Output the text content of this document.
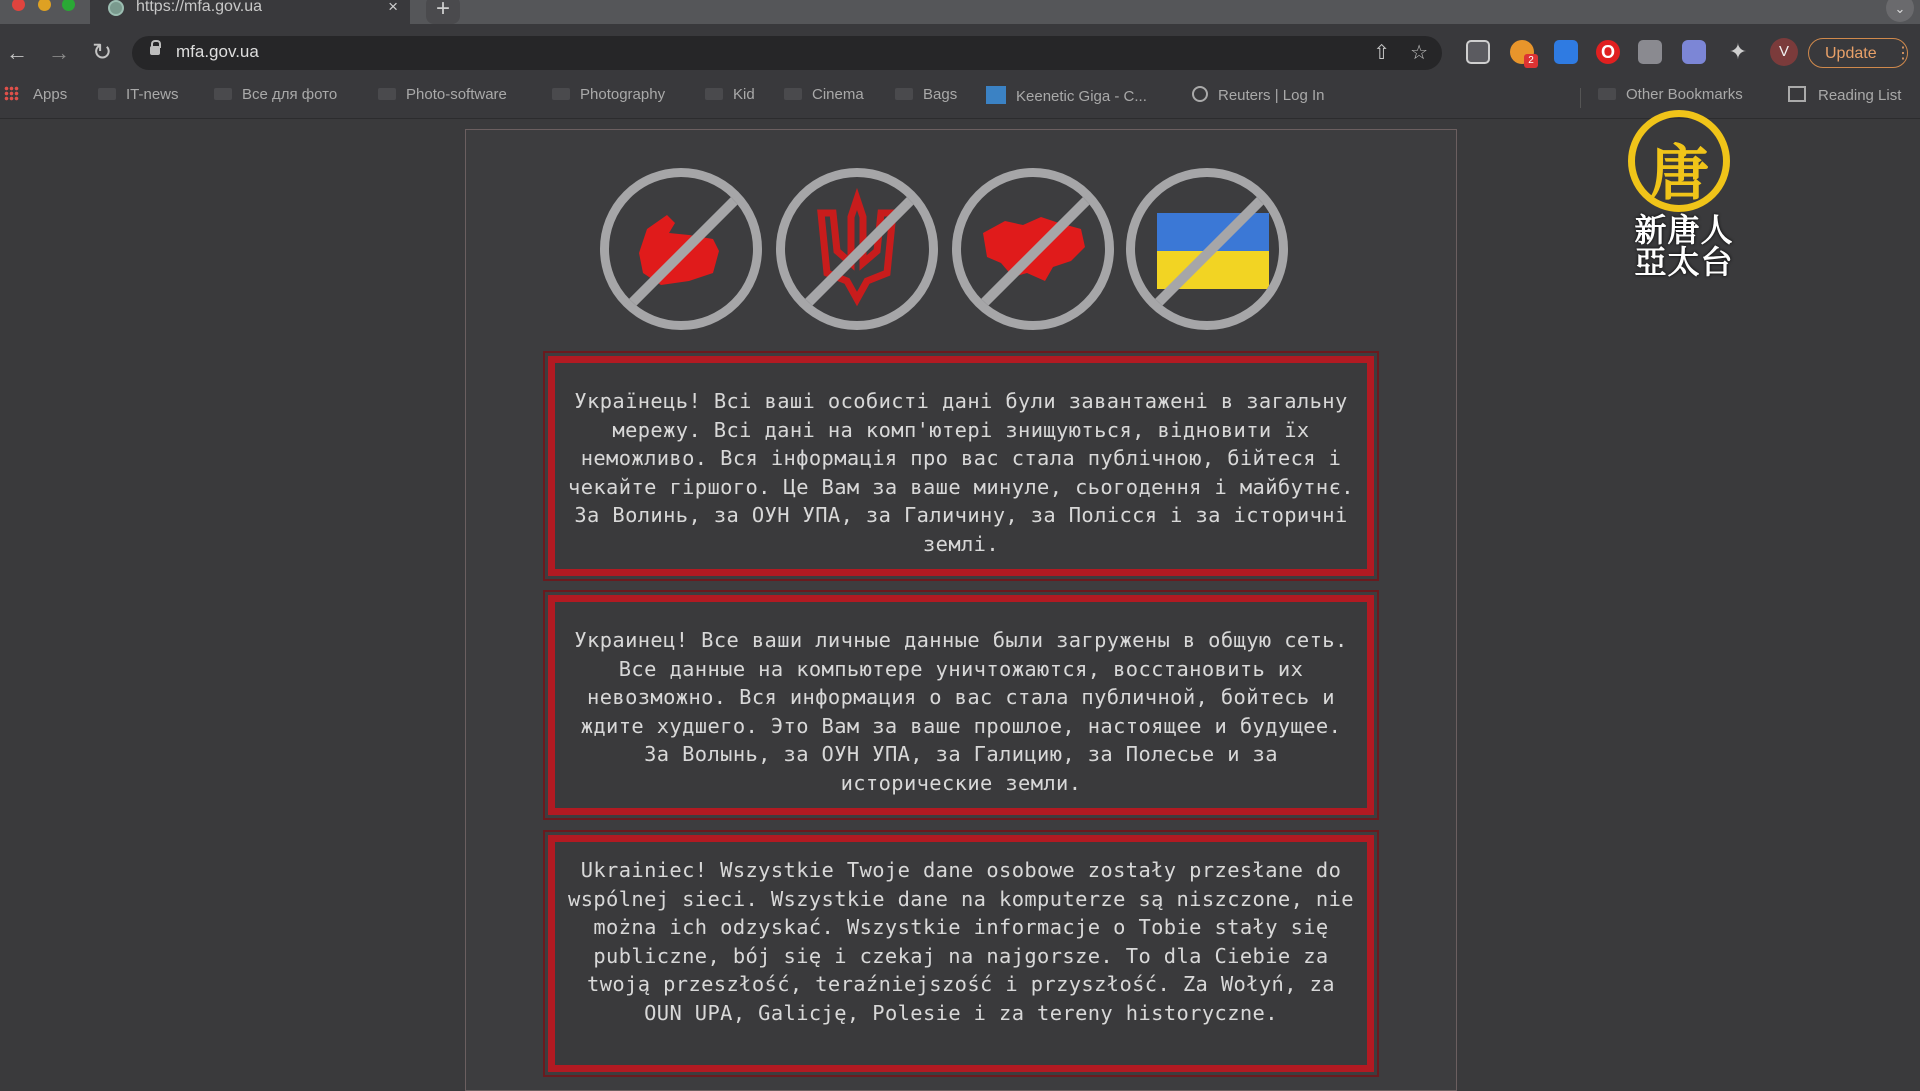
https://mfa.gov.ua	×	+	⌄
← → ↻	mfa.gov.ua	⇧ ☆	2	O	✦	V	Update	⋮
Apps	IT-news	Все для фото	Photo-software	Photography	Kid	Cinema	Bags	Keenetic Giga - C...	Reuters | Log In	Other Bookmarks	Reading List
Українець! Всі ваші особисті дані були завантажені в загальну мережу. Всі дані на комп'ютері знищуються, відновити їх неможливо. Вся інформація про вас стала публічною, бійтеся і чекайте гіршого. Це Вам за ваше минуле, сьогодення і майбутнє. За Волинь, за ОУН УПА, за Галичину, за Полісся і за історичні землі.
Украинец! Все ваши личные данные были загружены в общую сеть. Все данные на компьютере уничтожаются, восстановить их невозможно. Вся информация о вас стала публичной, бойтесь и ждите худшего. Это Вам за ваше прошлое, настоящее и будущее. За Волынь, за ОУН УПА, за Галицию, за Полесье и за исторические земли.
Ukrainiec! Wszystkie Twoje dane osobowe zostały przesłane do wspólnej sieci. Wszystkie dane na komputerze są niszczone, nie można ich odzyskać. Wszystkie informacje o Tobie stały się publiczne, bój się i czekaj na najgorsze. To dla Ciebie za twoją przeszłość, teraźniejszość i przyszłość. Za Wołyń, za OUN UPA, Galicję, Polesie i za tereny historyczne.
唐
新唐人
亞太台
